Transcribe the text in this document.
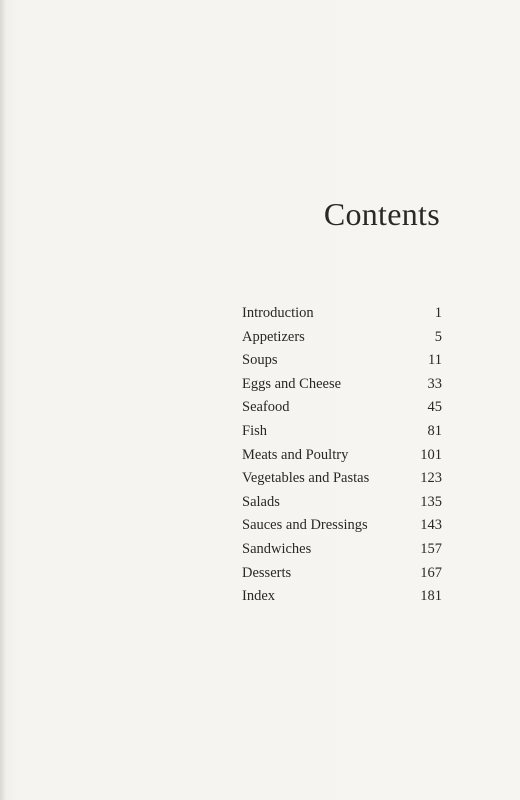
Contents
Introduction	1
Appetizers	5
Soups	11
Eggs and Cheese	33
Seafood	45
Fish	81
Meats and Poultry	101
Vegetables and Pastas	123
Salads	135
Sauces and Dressings	143
Sandwiches	157
Desserts	167
Index	181
